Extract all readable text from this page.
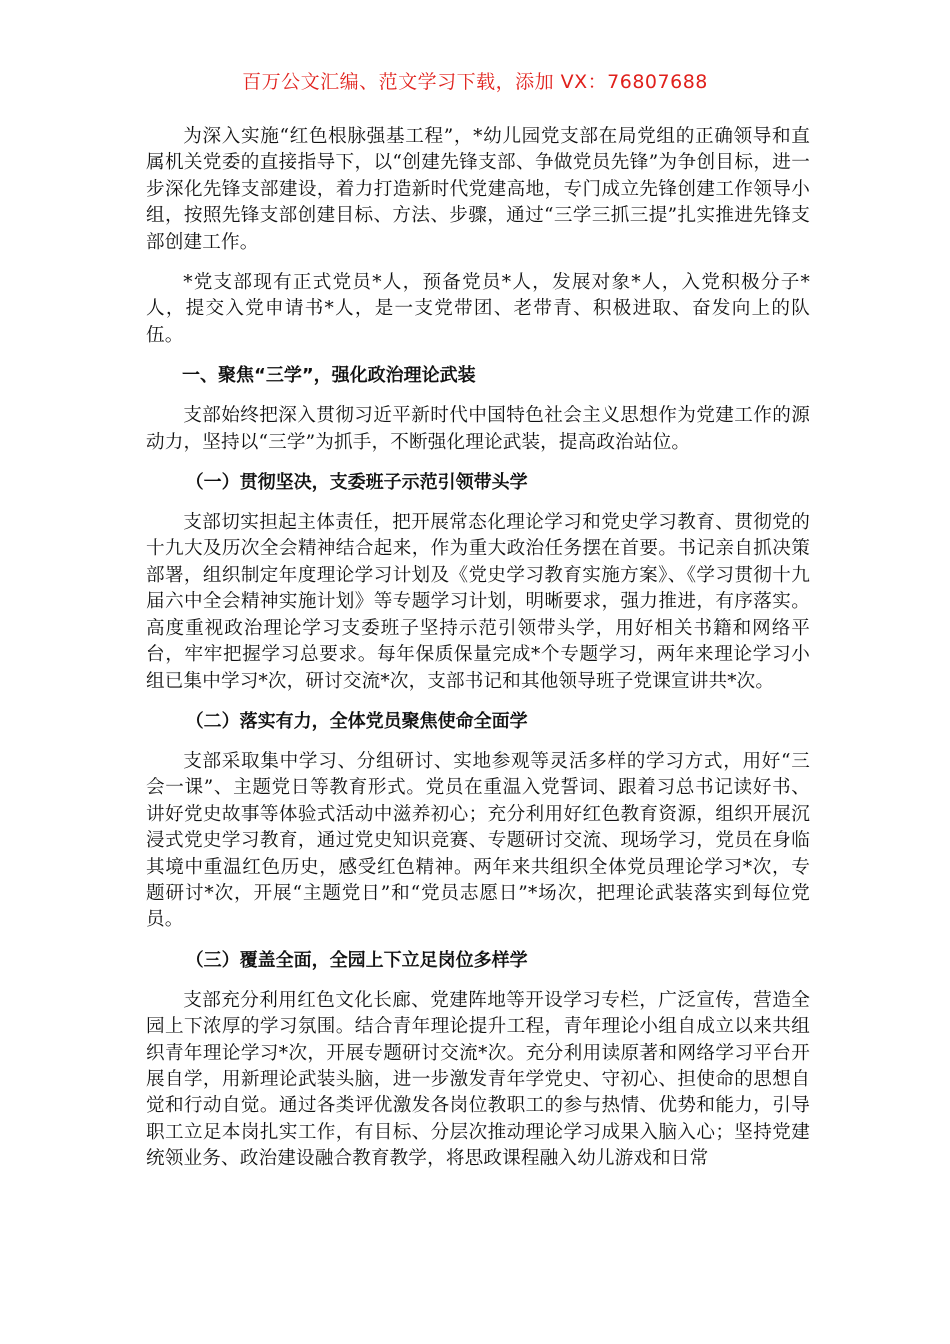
百万公文汇编、范文学习下载，添加 VX：76807688

为深入实施“红色根脉强基工程”，*幼儿园党支部在局党组的正确领导和直属机关党委的直接指导下，以“创建先锋支部、争做党员先锋”为争创目标，进一步深化先锋支部建设，着力打造新时代党建高地，专门成立先锋创建工作领导小组，按照先锋支部创建目标、方法、步骤，通过“三学三抓三提”扎实推进先锋支部创建工作。

*党支部现有正式党员*人，预备党员*人，发展对象*人，入党积极分子*人，提交入党申请书*人，是一支党带团、老带青、积极进取、奋发向上的队伍。

一、聚焦“三学”，强化政治理论武装

支部始终把深入贯彻习近平新时代中国特色社会主义思想作为党建工作的源动力，坚持以“三学”为抓手，不断强化理论武装，提高政治站位。

（一）贯彻坚决，支委班子示范引领带头学

支部切实担起主体责任，把开展常态化理论学习和党史学习教育、贯彻党的十九大及历次全会精神结合起来，作为重大政治任务摆在首要。书记亲自抓决策部署，组织制定年度理论学习计划及《党史学习教育实施方案》、《学习贯彻十九届六中全会精神实施计划》等专题学习计划，明晰要求，强力推进，有序落实。高度重视政治理论学习支委班子坚持示范引领带头学，用好相关书籍和网络平台，牢牢把握学习总要求。每年保质保量完成*个专题学习，两年来理论学习小组已集中学习*次，研讨交流*次，支部书记和其他领导班子党课宣讲共*次。

（二）落实有力，全体党员聚焦使命全面学

支部采取集中学习、分组研讨、实地参观等灵活多样的学习方式，用好“三会一课”、主题党日等教育形式。党员在重温入党誓词、跟着习总书记读好书、讲好党史故事等体验式活动中滋养初心；充分利用好红色教育资源，组织开展沉浸式党史学习教育，通过党史知识竞赛、专题研讨交流、现场学习，党员在身临其境中重温红色历史，感受红色精神。两年来共组织全体党员理论学习*次，专题研讨*次，开展“主题党日”和“党员志愿日”*场次，把理论武装落实到每位党员。

（三）覆盖全面，全园上下立足岗位多样学

支部充分利用红色文化长廊、党建阵地等开设学习专栏，广泛宣传，营造全园上下浓厚的学习氛围。结合青年理论提升工程，青年理论小组自成立以来共组织青年理论学习*次，开展专题研讨交流*次。充分利用读原著和网络学习平台开展自学，用新理论武装头脑，进一步激发青年学党史、守初心、担使命的思想自觉和行动自觉。通过各类评优激发各岗位教职工的参与热情、优势和能力，引导职工立足本岗扎实工作，有目标、分层次推动理论学习成果入脑入心；坚持党建统领业务、政治建设融合教育教学，将思政课程融入幼儿游戏和日常
